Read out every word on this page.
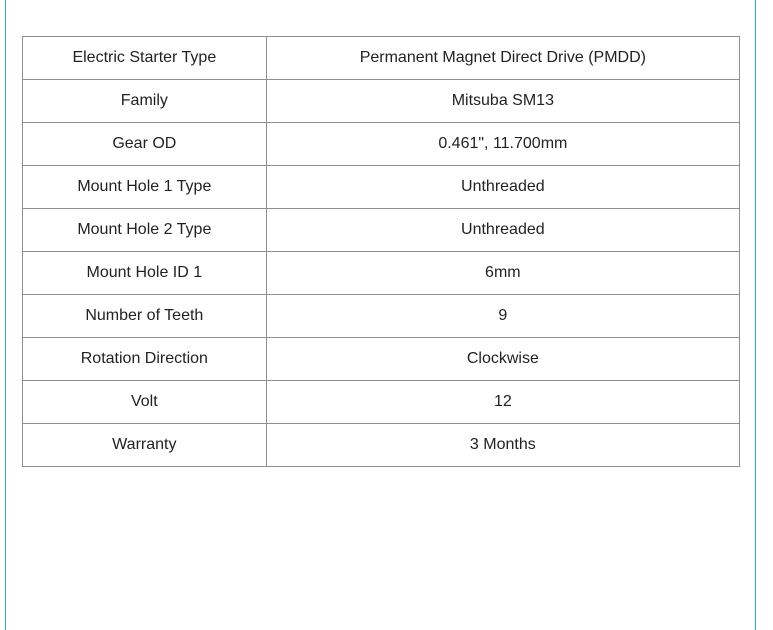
Electric Starter Type	Permanent Magnet Direct Drive (PMDD)
Family	Mitsuba SM13
Gear OD	0.461", 11.700mm
Mount Hole 1 Type	Unthreaded
Mount Hole 2 Type	Unthreaded
Mount Hole ID 1	6mm
Number of Teeth	9
Rotation Direction	Clockwise
Volt	12
Warranty	3 Months
